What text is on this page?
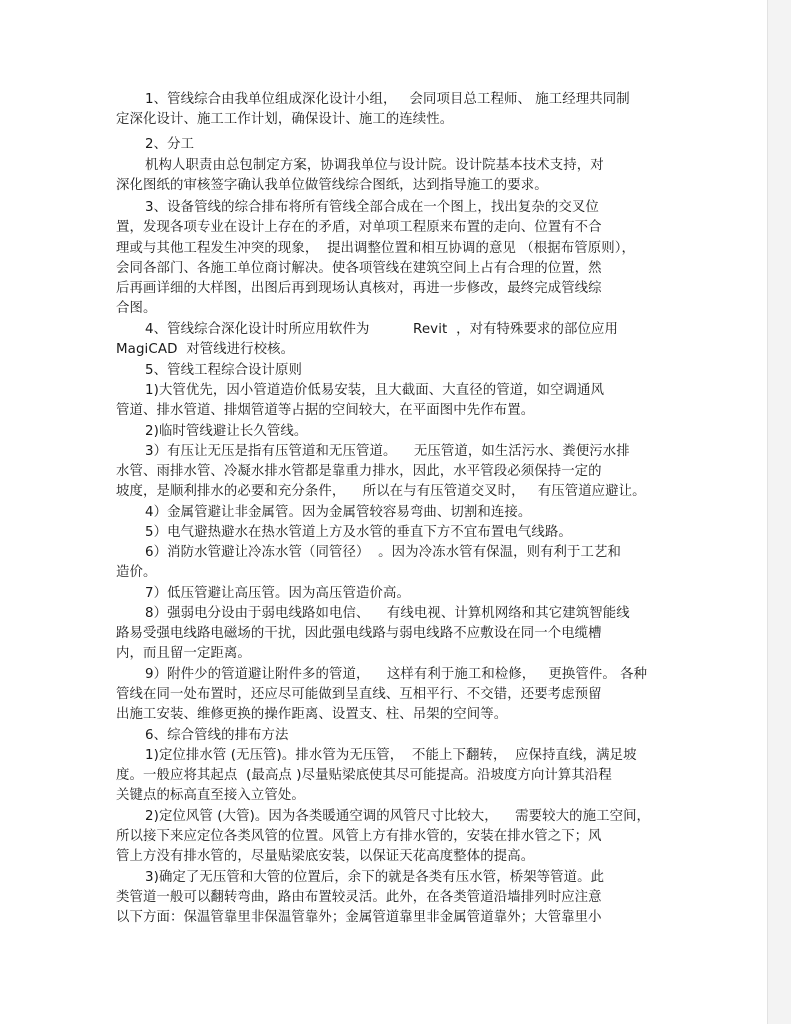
1、管线综合由我单位组成深化设计小组，   会同项目总工程师、 施工经理共同制
定深化设计、施工工作计划，确保设计、施工的连续性。
2、分工
机构人职责由总包制定方案，协调我单位与设计院。设计院基本技术支持，对
深化图纸的审核签字确认我单位做管线综合图纸，达到指导施工的要求。
3、设备管线的综合排布将所有管线全部合成在一个图上，找出复杂的交叉位
置，发现各项专业在设计上存在的矛盾，对单项工程原来布置的走向、位置有不合
理或与其他工程发生冲突的现象，  提出调整位置和相互协调的意见 （根据布管原则），
会同各部门、各施工单位商讨解决。使各项管线在建筑空间上占有合理的位置，然
后再画详细的大样图，出图后再到现场认真核对，再进一步修改，最终完成管线综
合图。
4、管线综合深化设计时所应用软件为          Revit  ，对有特殊要求的部位应用
MagiCAD  对管线进行校核。
5、管线工程综合设计原则
1)大管优先，因小管道造价低易安装，且大截面、大直径的管道，如空调通风
管道、排水管道、排烟管道等占据的空间较大，在平面图中先作布置。
2)临时管线避让长久管线。
3）有压让无压是指有压管道和无压管道。    无压管道，如生活污水、粪便污水排
水管、雨排水管、冷凝水排水管都是靠重力排水，因此，水平管段必须保持一定的
坡度，是顺利排水的必要和充分条件，    所以在与有压管道交叉时，   有压管道应避让。
4）金属管避让非金属管。因为金属管较容易弯曲、切割和连接。
5）电气避热避水在热水管道上方及水管的垂直下方不宜布置电气线路。
6）消防水管避让冷冻水管（同管径）  。因为冷冻水管有保温，则有利于工艺和
造价。
7）低压管避让高压管。因为高压管造价高。
8）强弱电分设由于弱电线路如电信、    有线电视、计算机网络和其它建筑智能线
路易受强电线路电磁场的干扰，因此强电线路与弱电线路不应敷设在同一个电缆槽
内，而且留一定距离。
9）附件少的管道避让附件多的管道，    这样有利于施工和检修，   更换管件。 各种
管线在同一处布置时，还应尽可能做到呈直线、互相平行、不交错，还要考虑预留
出施工安装、维修更换的操作距离、设置支、柱、吊架的空间等。
6、综合管线的排布方法
1)定位排水管 (无压管)。排水管为无压管，  不能上下翻转，  应保持直线，满足坡
度。一般应将其起点  (最高点 )尽量贴梁底使其尽可能提高。沿坡度方向计算其沿程
关键点的标高直至接入立管处。
2)定位风管 (大管)。因为各类暖通空调的风管尺寸比较大，    需要较大的施工空间，
所以接下来应定位各类风管的位置。风管上方有排水管的，安装在排水管之下；风
管上方没有排水管的，尽量贴梁底安装，以保证天花高度整体的提高。
3)确定了无压管和大管的位置后，余下的就是各类有压水管，桥架等管道。此
类管道一般可以翻转弯曲，路由布置较灵活。此外，在各类管道沿墙排列时应注意
以下方面：保温管靠里非保温管靠外；金属管道靠里非金属管道靠外；大管靠里小
